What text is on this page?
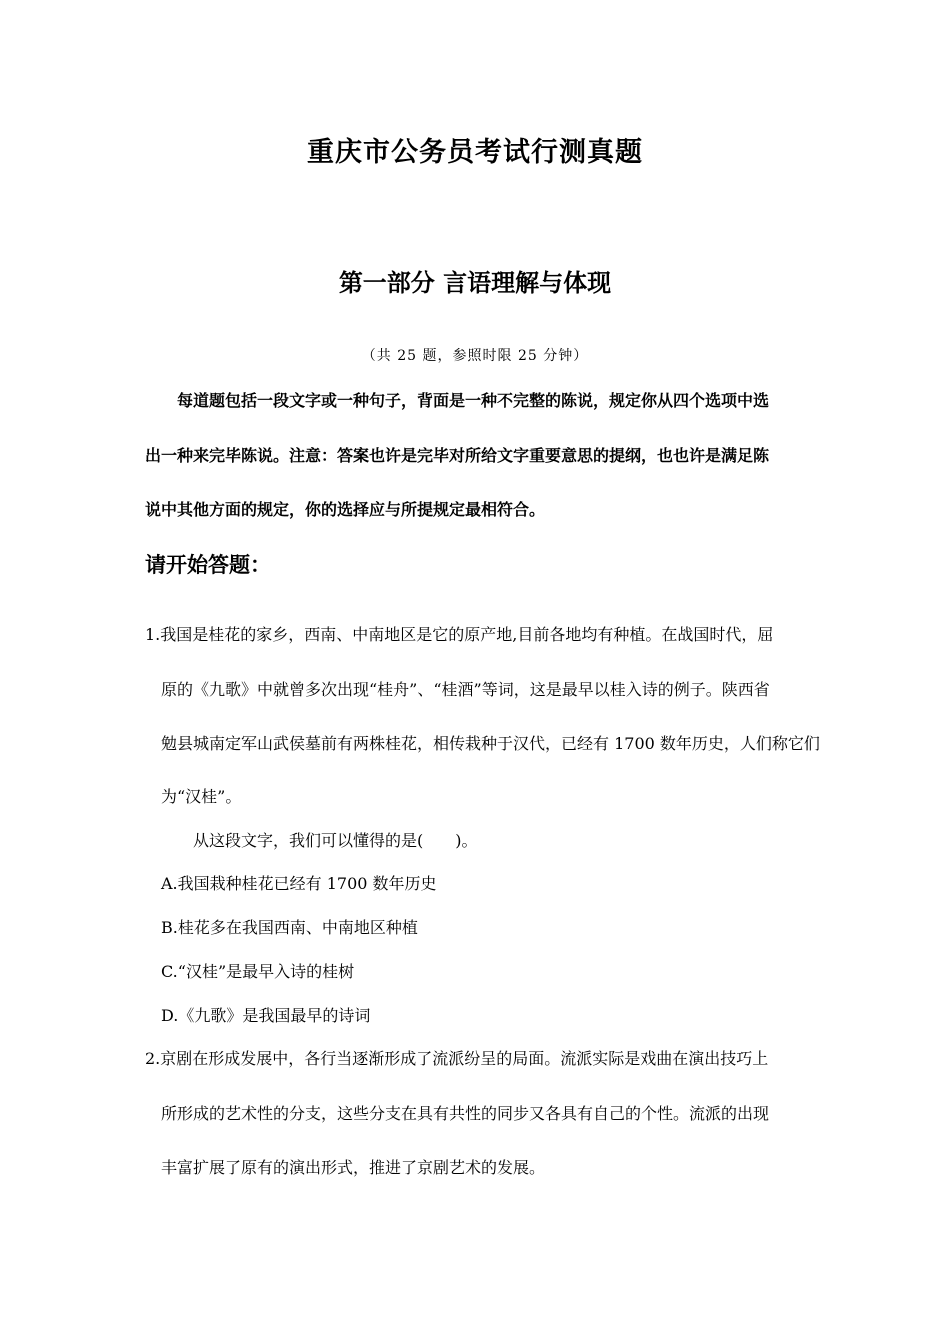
重庆市公务员考试行测真题
第一部分 言语理解与体现
（共 25 题，参照时限 25 分钟）
每道题包括一段文字或一种句子，背面是一种不完整的陈说，规定你从四个选项中选
出一种来完毕陈说。注意：答案也许是完毕对所给文字重要意思的提纲，也也许是满足陈
说中其他方面的规定，你的选择应与所提规定最相符合。
请开始答题：
1.我国是桂花的家乡，西南、中南地区是它的原产地,目前各地均有种植。在战国时代，屈
原的《九歌》中就曾多次出现“桂舟”、“桂酒”等词，这是最早以桂入诗的例子。陕西省
勉县城南定军山武侯墓前有两株桂花，相传栽种于汉代，已经有 1700 数年历史，人们称它们
为“汉桂”。
从这段文字，我们可以懂得的是(　　)。
A.我国栽种桂花已经有 1700 数年历史
B.桂花多在我国西南、中南地区种植
C.“汉桂”是最早入诗的桂树
D.《九歌》是我国最早的诗词
2.京剧在形成发展中，各行当逐渐形成了流派纷呈的局面。流派实际是戏曲在演出技巧上
所形成的艺术性的分支，这些分支在具有共性的同步又各具有自己的个性。流派的出现
丰富扩展了原有的演出形式，推进了京剧艺术的发展。
